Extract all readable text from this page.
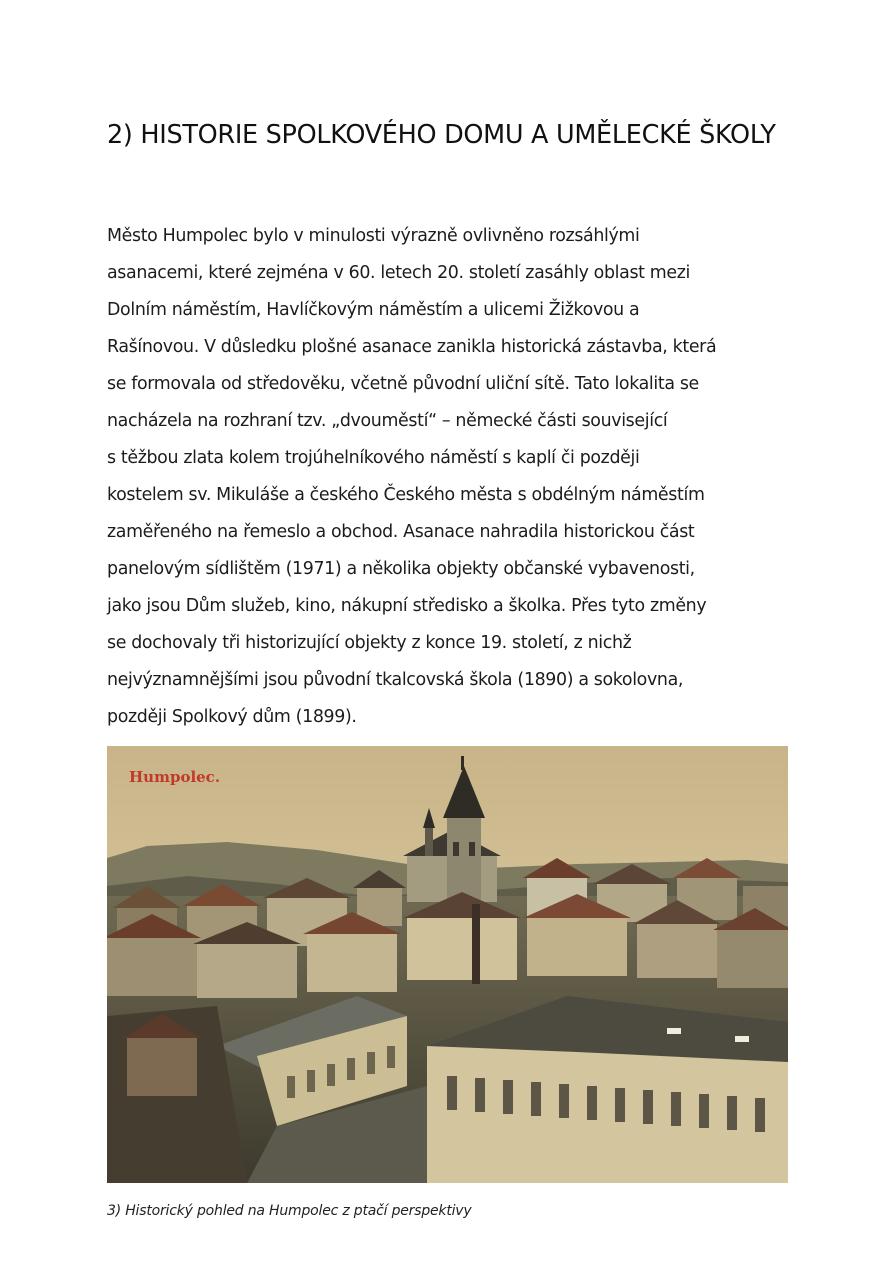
2) HISTORIE SPOLKOVÉHO DOMU A UMĚLECKÉ ŠKOLY

Město Humpolec bylo v minulosti výrazně ovlivněno rozsáhlými
asanacemi, které zejména v 60. letech 20. století zasáhly oblast mezi
Dolním náměstím, Havlíčkovým náměstím a ulicemi Žižkovou a
Rašínovou. V důsledku plošné asanace zanikla historická zástavba, která
se formovala od středověku, včetně původní uliční sítě. Tato lokalita se
nacházela na rozhraní tzv. „dvouměstí“ – německé části související
s těžbou zlata kolem trojúhelníkového náměstí s kaplí či později
kostelem sv. Mikuláše a českého Českého města s obdélným náměstím
zaměřeného na řemeslo a obchod. Asanace nahradila historickou část
panelovým sídlištěm (1971) a několika objekty občanské vybavenosti,
jako jsou Dům služeb, kino, nákupní středisko a školka. Přes tyto změny
se dochovaly tři historizující objekty z konce 19. století, z nichž
nejvýznamnějšími jsou původní tkalcovská škola (1890) a sokolovna,
později Spolkový dům (1899).

Humpolec.

3) Historický pohled na Humpolec z ptačí perspektivy
